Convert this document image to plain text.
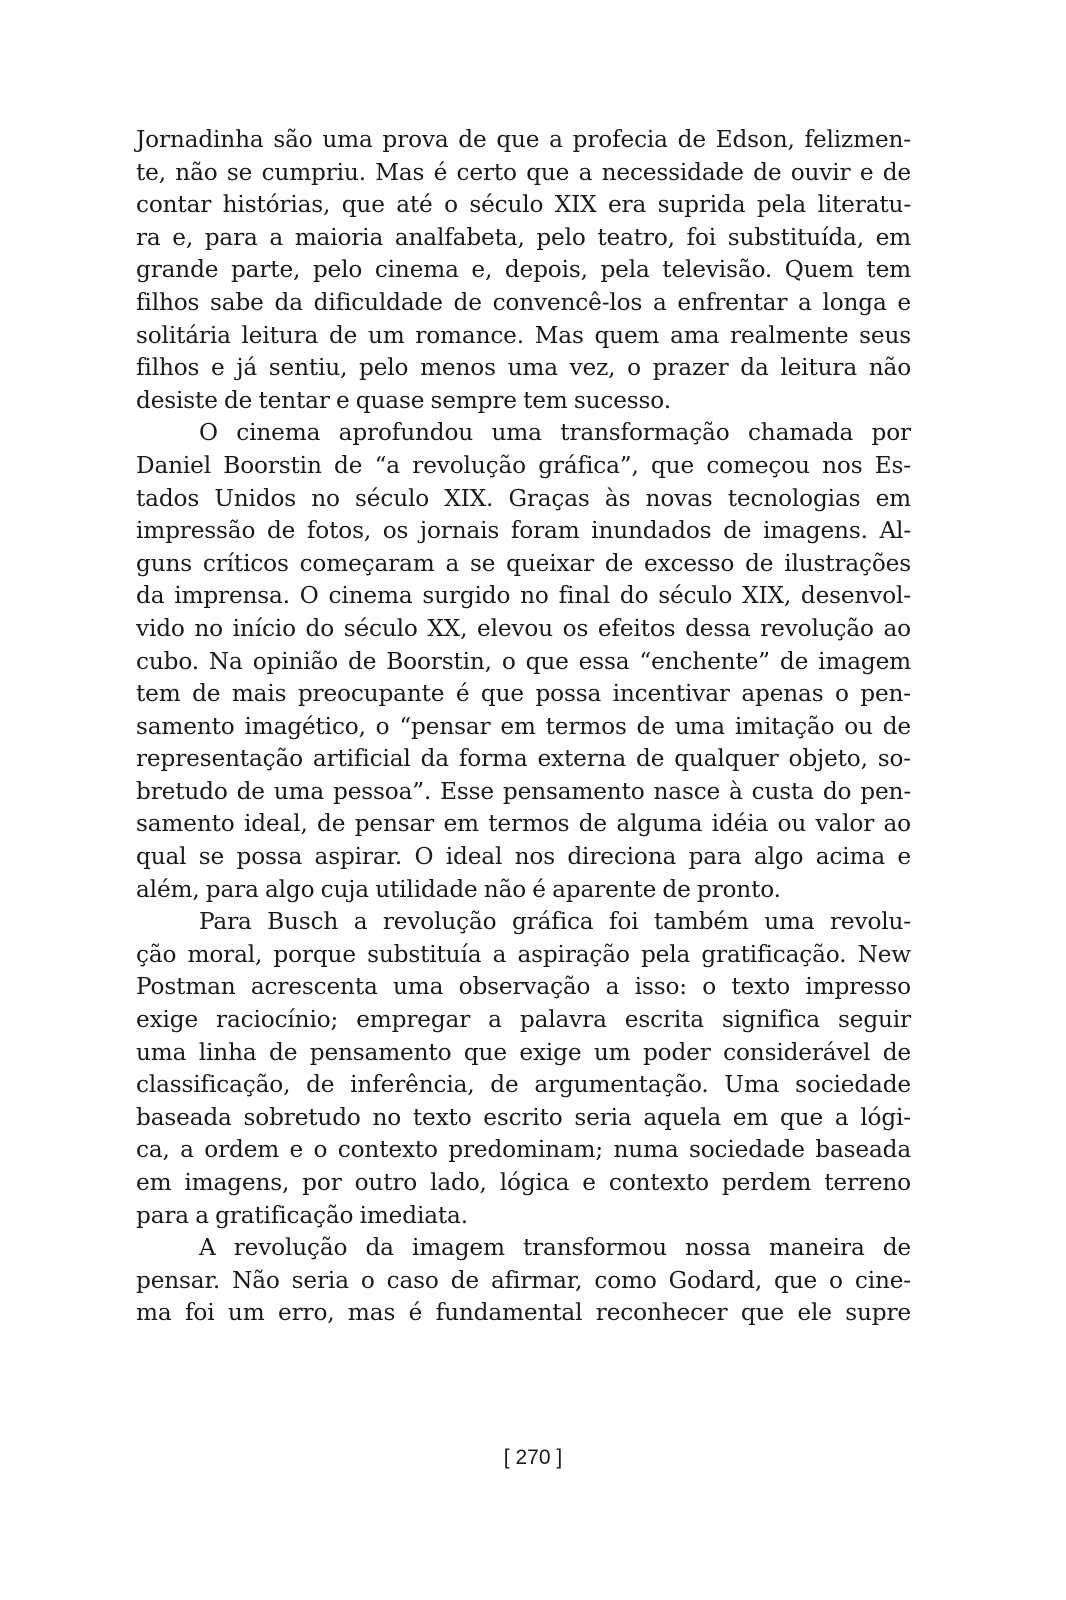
Jornadinha são uma prova de que a profecia de Edson, felizmen-
te, não se cumpriu. Mas é certo que a necessidade de ouvir e de
contar histórias, que até o século XIX era suprida pela literatu-
ra e, para a maioria analfabeta, pelo teatro, foi substituída, em
grande parte, pelo cinema e, depois, pela televisão. Quem tem
filhos sabe da dificuldade de convencê-los a enfrentar a longa e
solitária leitura de um romance. Mas quem ama realmente seus
filhos e já sentiu, pelo menos uma vez, o prazer da leitura não
desiste de tentar e quase sempre tem sucesso.
O cinema aprofundou uma transformação chamada por
Daniel Boorstin de “a revolução gráfica”, que começou nos Es-
tados Unidos no século XIX. Graças às novas tecnologias em
impressão de fotos, os jornais foram inundados de imagens. Al-
guns críticos começaram a se queixar de excesso de ilustrações
da imprensa. O cinema surgido no final do século XIX, desenvol-
vido no início do século XX, elevou os efeitos dessa revolução ao
cubo. Na opinião de Boorstin, o que essa “enchente” de imagem
tem de mais preocupante é que possa incentivar apenas o pen-
samento imagético, o “pensar em termos de uma imitação ou de
representação artificial da forma externa de qualquer objeto, so-
bretudo de uma pessoa”. Esse pensamento nasce à custa do pen-
samento ideal, de pensar em termos de alguma idéia ou valor ao
qual se possa aspirar. O ideal nos direciona para algo acima e
além, para algo cuja utilidade não é aparente de pronto.
Para Busch a revolução gráfica foi também uma revolu-
ção moral, porque substituía a aspiração pela gratificação. New
Postman acrescenta uma observação a isso: o texto impresso
exige raciocínio; empregar a palavra escrita significa seguir
uma linha de pensamento que exige um poder considerável de
classificação, de inferência, de argumentação. Uma sociedade
baseada sobretudo no texto escrito seria aquela em que a lógi-
ca, a ordem e o contexto predominam; numa sociedade baseada
em imagens, por outro lado, lógica e contexto perdem terreno
para a gratificação imediata.
A revolução da imagem transformou nossa maneira de
pensar. Não seria o caso de afirmar, como Godard, que o cine-
ma foi um erro, mas é fundamental reconhecer que ele supre
[ 270 ]
